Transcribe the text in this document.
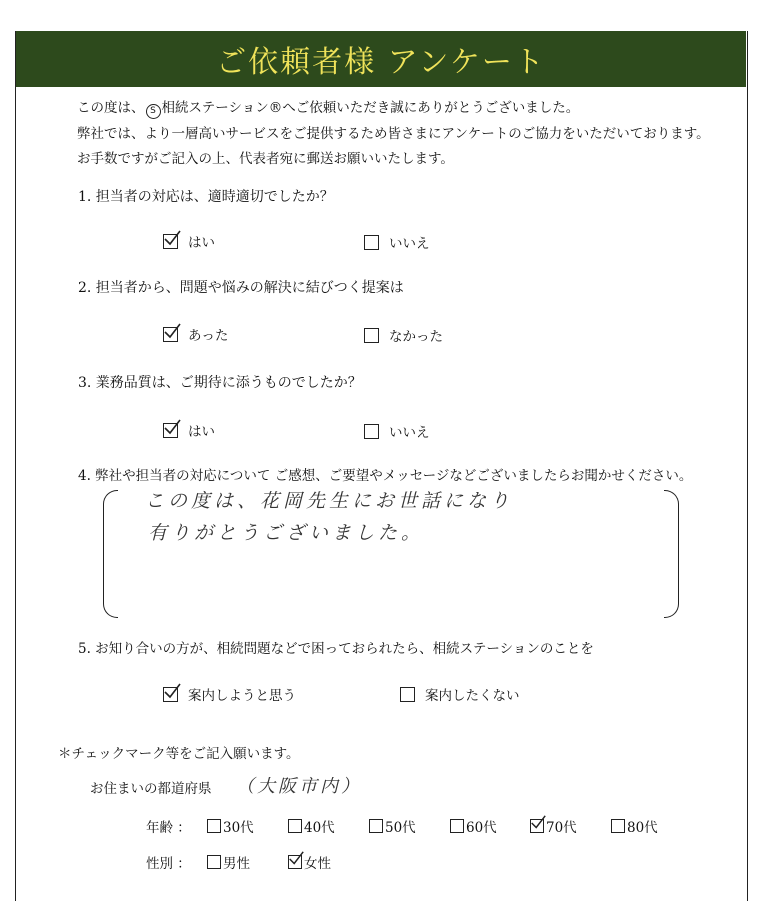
ご依頼者様 アンケート
この度は、 S 相続ステーション®へご依頼いただき誠にありがとうございました。
弊社では、より一層高いサービスをご提供するため皆さまにアンケートのご協力をいただいております。
お手数ですがご記入の上、代表者宛に郵送お願いいたします。
1. 担当者の対応は、適時適切でしたか？
はい	いいえ
2. 担当者から、問題や悩みの解決に結びつく提案は
あった	なかった
3. 業務品質は、ご期待に添うものでしたか？
はい	いいえ
4. 弊社や担当者の対応について ご感想、ご要望やメッセージなどございましたらお聞かせください。
この度は、花岡先生にお世話になり
有りがとうございました。
5. お知り合いの方が、相続問題などで困っておられたら、相続ステーションのことを
案内しようと思う	案内したくない
＊チェックマーク等をご記入願います。
お住まいの都道府県 （大阪市内）
年齢 ： 30代	40代	50代	60代	70代	80代
性別 ： 男性	女性
